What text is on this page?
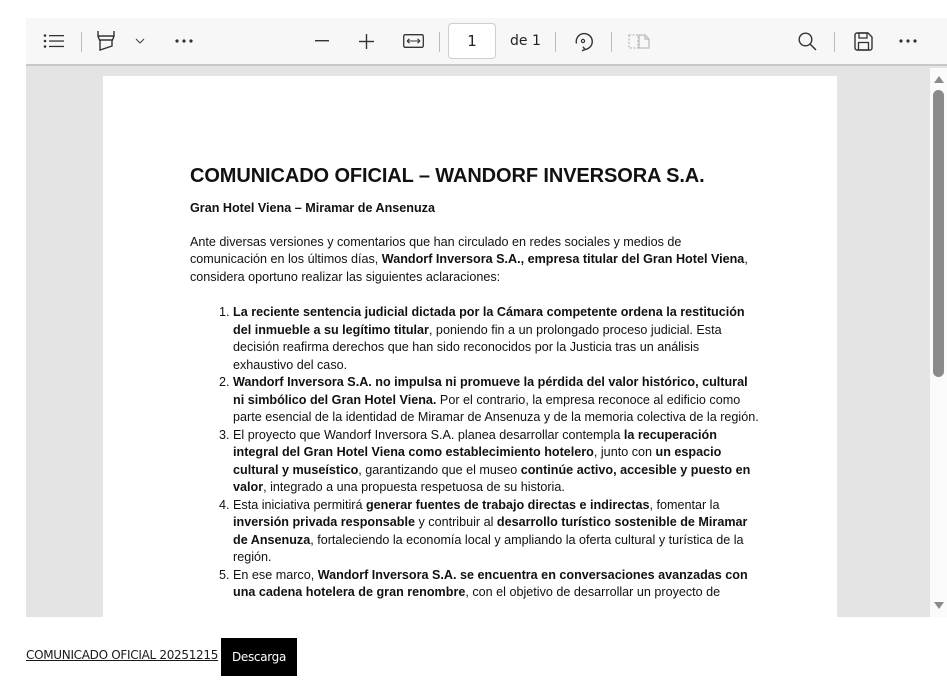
1
de 1
COMUNICADO OFICIAL – WANDORF INVERSORA S.A.
Gran Hotel Viena – Miramar de Ansenuza
Ante diversas versiones y comentarios que han circulado en redes sociales y medios de comunicación en los últimos días, Wandorf Inversora S.A., empresa titular del Gran Hotel Viena, considera oportuno realizar las siguientes aclaraciones:
1. La reciente sentencia judicial dictada por la Cámara competente ordena la restitución del inmueble a su legítimo titular, poniendo fin a un prolongado proceso judicial. Esta decisión reafirma derechos que han sido reconocidos por la Justicia tras un análisis exhaustivo del caso.
2. Wandorf Inversora S.A. no impulsa ni promueve la pérdida del valor histórico, cultural ni simbólico del Gran Hotel Viena. Por el contrario, la empresa reconoce al edificio como parte esencial de la identidad de Miramar de Ansenuza y de la memoria colectiva de la región.
3. El proyecto que Wandorf Inversora S.A. planea desarrollar contempla la recuperación integral del Gran Hotel Viena como establecimiento hotelero, junto con un espacio cultural y museístico, garantizando que el museo continúe activo, accesible y puesto en valor, integrado a una propuesta respetuosa de su historia.
4. Esta iniciativa permitirá generar fuentes de trabajo directas e indirectas, fomentar la inversión privada responsable y contribuir al desarrollo turístico sostenible de Miramar de Ansenuza, fortaleciendo la economía local y ampliando la oferta cultural y turística de la región.
5. En ese marco, Wandorf Inversora S.A. se encuentra en conversaciones avanzadas con una cadena hotelera de gran renombre, con el objetivo de desarrollar un proyecto de
COMUNICADO OFICIAL 20251215	Descarga
